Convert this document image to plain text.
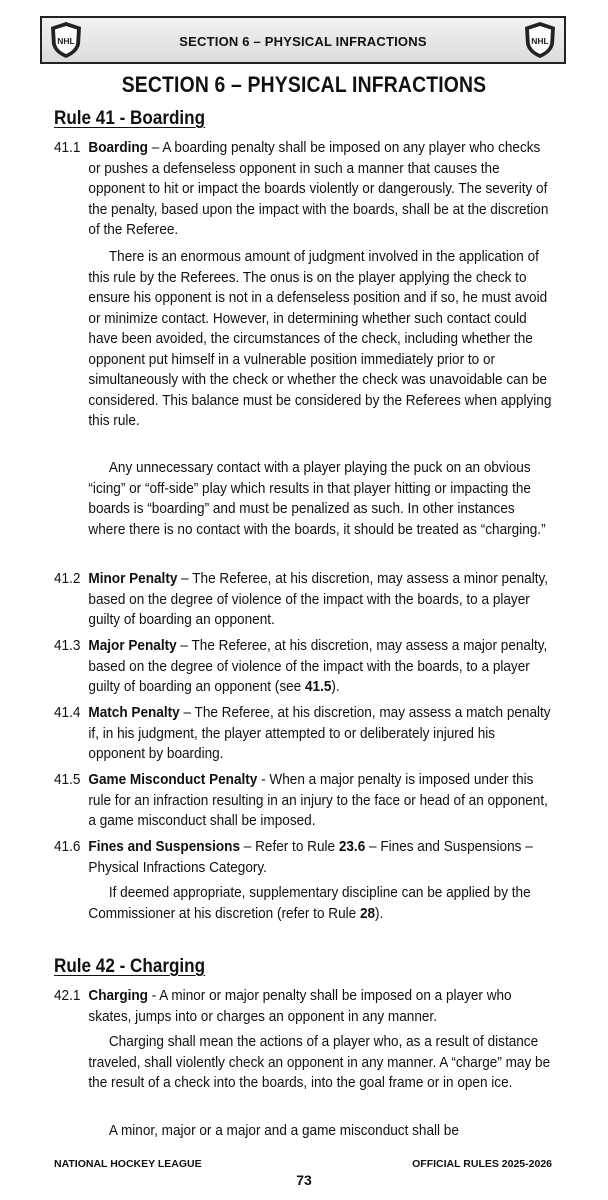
NHL	SECTION 6 – PHYSICAL INFRACTIONS	NHL
SECTION 6 – PHYSICAL INFRACTIONS
Rule 41 - Boarding
41.1 Boarding – A boarding penalty shall be imposed on any player who checks or pushes a defenseless opponent in such a manner that causes the opponent to hit or impact the boards violently or dangerously. The severity of the penalty, based upon the impact with the boards, shall be at the discretion of the Referee.
There is an enormous amount of judgment involved in the application of this rule by the Referees. The onus is on the player applying the check to ensure his opponent is not in a defenseless position and if so, he must avoid or minimize contact. However, in determining whether such contact could have been avoided, the circumstances of the check, including whether the opponent put himself in a vulnerable position immediately prior to or simultaneously with the check or whether the check was unavoidable can be considered. This balance must be considered by the Referees when applying this rule.
Any unnecessary contact with a player playing the puck on an obvious “icing” or “off-side” play which results in that player hitting or impacting the boards is “boarding” and must be penalized as such. In other instances where there is no contact with the boards, it should be treated as “charging.”
41.2 Minor Penalty – The Referee, at his discretion, may assess a minor penalty, based on the degree of violence of the impact with the boards, to a player guilty of boarding an opponent.
41.3 Major Penalty – The Referee, at his discretion, may assess a major penalty, based on the degree of violence of the impact with the boards, to a player guilty of boarding an opponent (see 41.5).
41.4 Match Penalty – The Referee, at his discretion, may assess a match penalty if, in his judgment, the player attempted to or deliberately injured his opponent by boarding.
41.5 Game Misconduct Penalty - When a major penalty is imposed under this rule for an infraction resulting in an injury to the face or head of an opponent, a game misconduct shall be imposed.
41.6 Fines and Suspensions – Refer to Rule 23.6 – Fines and Suspensions – Physical Infractions Category.
If deemed appropriate, supplementary discipline can be applied by the Commissioner at his discretion (refer to Rule 28).
Rule 42 - Charging
42.1 Charging - A minor or major penalty shall be imposed on a player who skates, jumps into or charges an opponent in any manner.
Charging shall mean the actions of a player who, as a result of distance traveled, shall violently check an opponent in any manner. A “charge” may be the result of a check into the boards, into the goal frame or in open ice.
A minor, major or a major and a game misconduct shall be
NATIONAL HOCKEY LEAGUE	OFFICIAL RULES 2025-2026
73
